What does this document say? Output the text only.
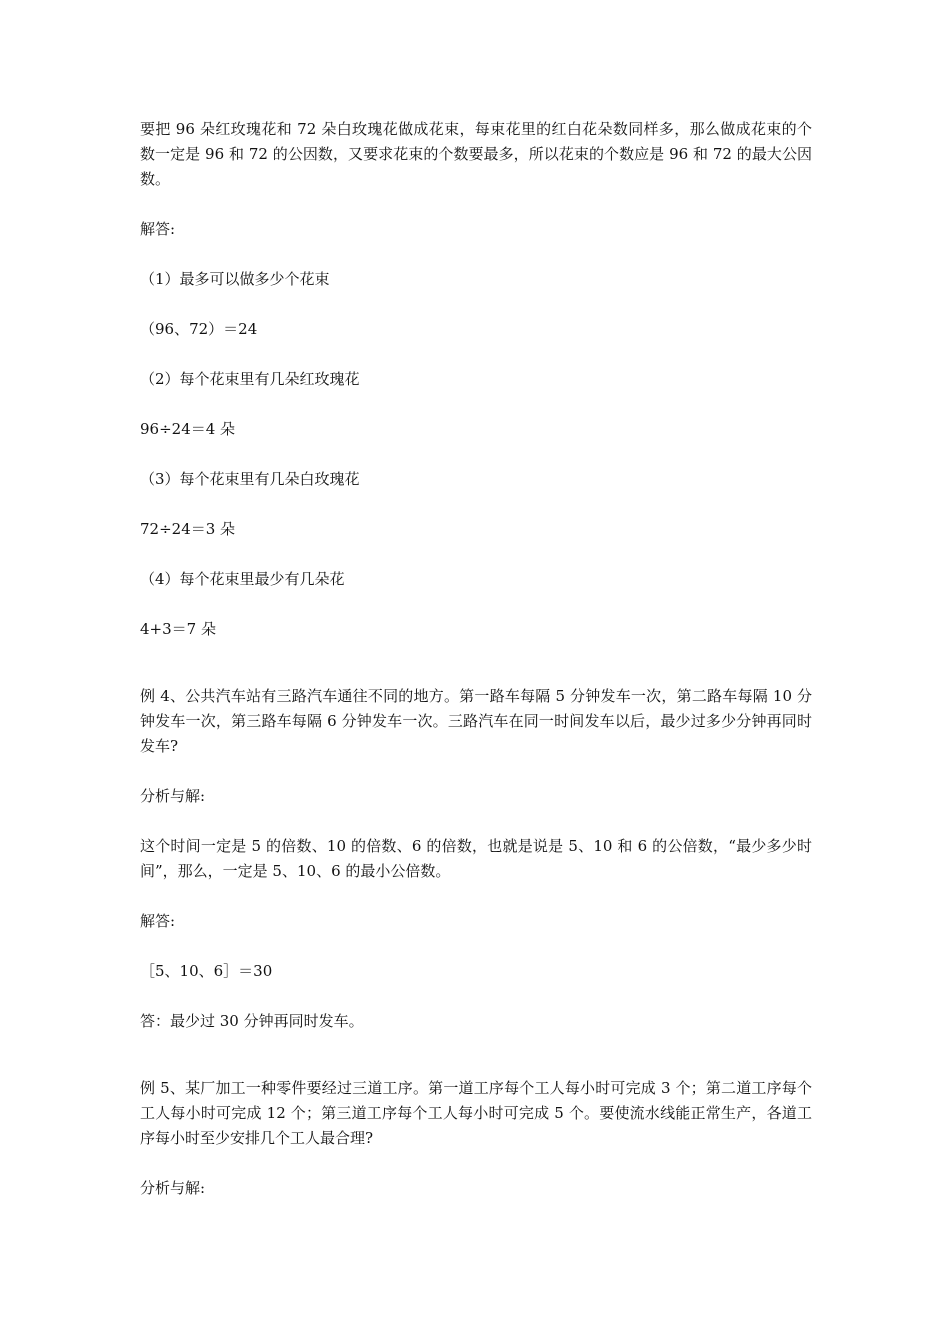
要把 96 朵红玫瑰花和 72 朵白玫瑰花做成花束，每束花里的红白花朵数同样多，那么做成花束的个数一定是 96 和 72 的公因数，又要求花束的个数要最多，所以花束的个数应是 96 和 72 的最大公因数。

解答:

（1）最多可以做多少个花束

（96、72）＝24

（2）每个花束里有几朵红玫瑰花

96÷24＝4 朵

（3）每个花束里有几朵白玫瑰花

72÷24＝3 朵

（4）每个花束里最少有几朵花

4+3＝7 朵

例 4、公共汽车站有三路汽车通往不同的地方。第一路车每隔 5 分钟发车一次，第二路车每隔 10 分钟发车一次，第三路车每隔 6 分钟发车一次。三路汽车在同一时间发车以后，最少过多少分钟再同时发车?

分析与解:

这个时间一定是 5 的倍数、10 的倍数、6 的倍数，也就是说是 5、10 和 6 的公倍数，“最少多少时间”，那么，一定是 5、10、6 的最小公倍数。

解答:

［5、10、6］＝30

答：最少过 30 分钟再同时发车。

例 5、某厂加工一种零件要经过三道工序。第一道工序每个工人每小时可完成 3 个；第二道工序每个工人每小时可完成 12 个；第三道工序每个工人每小时可完成 5 个。要使流水线能正常生产，各道工序每小时至少安排几个工人最合理?

分析与解:
